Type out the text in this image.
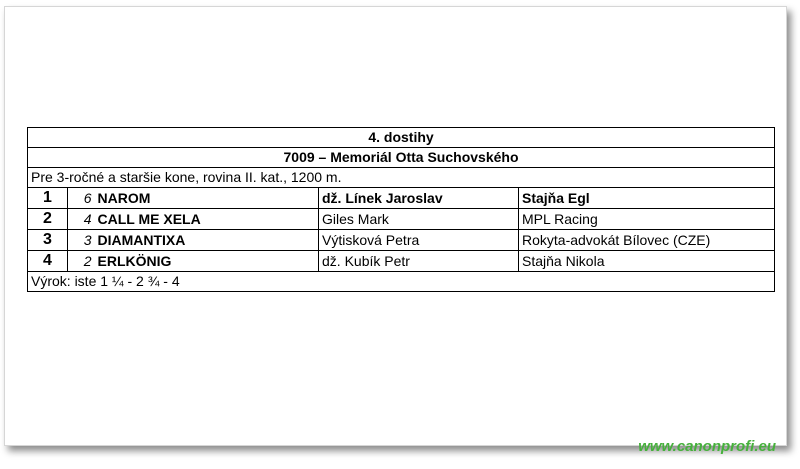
4. dostihy				
7009 – Memoriál Otta Suchovského				
Pre 3-ročné a staršie kone, rovina II. kat., 1200 m.				
1	6	NAROM	dž. Línek Jaroslav	Stajňa Egl
2	4	CALL ME XELA	Giles Mark	MPL Racing
3	3	DIAMANTIXA	Výtisková Petra	Rokyta-advokát Bílovec (CZE)
4	2	ERLKÖNIG	dž. Kubík Petr	Stajňa Nikola
Výrok: iste 1 ¼ - 2 ¾ - 4				
www.canonprofi.eu
